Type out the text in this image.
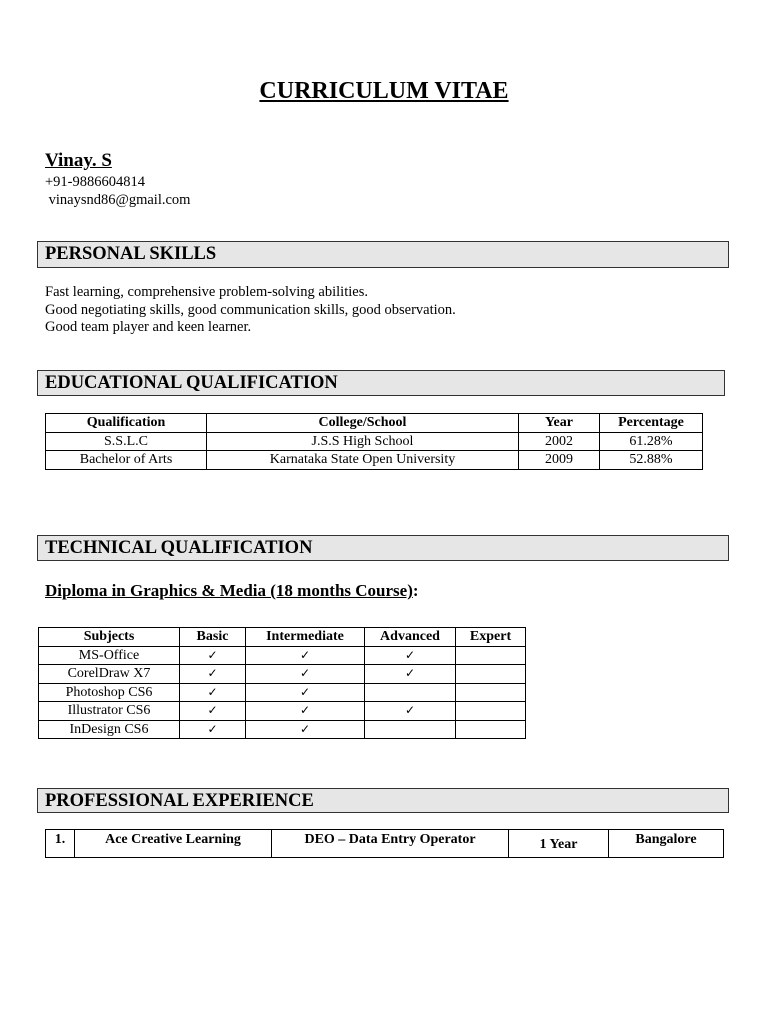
CURRICULUM VITAE
Vinay. S
+91-9886604814
vinaysnd86@gmail.com
PERSONAL SKILLS
Fast learning, comprehensive problem-solving abilities.
Good negotiating skills, good communication skills, good observation.
Good team player and keen learner.
EDUCATIONAL QUALIFICATION
Qualification	College/School	Year	Percentage
S.S.L.C	J.S.S High School	2002	61.28%
Bachelor of Arts	Karnataka State Open University	2009	52.88%
TECHNICAL QUALIFICATION
Diploma in Graphics & Media (18 months Course):
Subjects	Basic	Intermediate	Advanced	Expert
MS-Office	✓	✓	✓	
CorelDraw X7	✓	✓	✓	
Photoshop CS6	✓	✓		
Illustrator CS6	✓	✓	✓	
InDesign CS6	✓	✓		
PROFESSIONAL EXPERIENCE
1.	Ace Creative Learning	DEO – Data Entry Operator	1 Year	Bangalore
